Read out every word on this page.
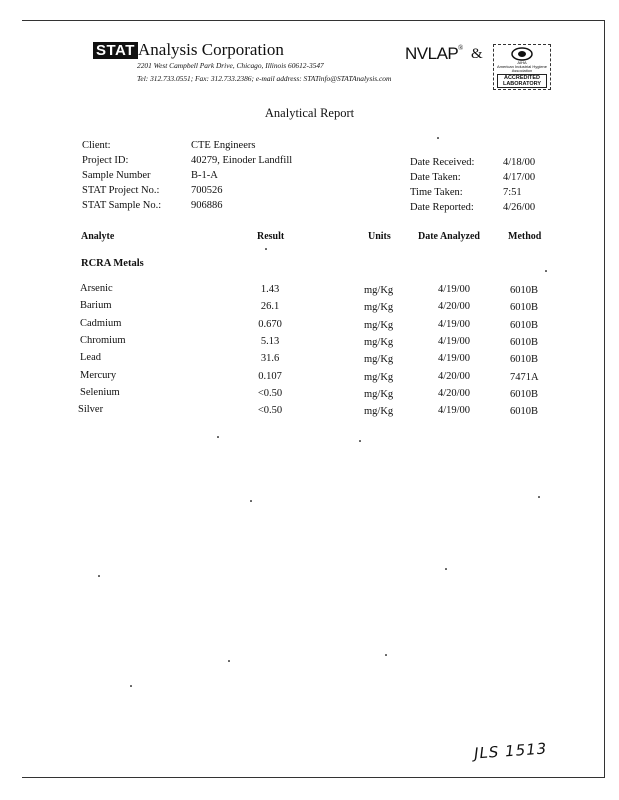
STAT Analysis Corporation
2201 West Campbell Park Drive, Chicago, Illinois 60612-3547
Tel: 312.733.0551; Fax: 312.733.2386; e-mail address: STATinfo@STATAnalysis.com
NVLAP ® &
AIHA
American Industrial Hygiene Association
ACCREDITED
LABORATORY
Analytical Report
Client:	CTE Engineers
Project ID:	40279, Einoder Landfill
Sample Number	B-1-A
STAT Project No.:	700526
STAT Sample No.:	906886
Date Received:	4/18/00
Date Taken:	4/17/00
Time Taken:	7:51
Date Reported:	4/26/00
Analyte	Result	Units	Date Analyzed	Method
RCRA Metals
Arsenic	1.43	mg/Kg	4/19/00	6010B
Barium	26.1	mg/Kg	4/20/00	6010B
Cadmium	0.670	mg/Kg	4/19/00	6010B
Chromium	5.13	mg/Kg	4/19/00	6010B
Lead	31.6	mg/Kg	4/19/00	6010B
Mercury	0.107	mg/Kg	4/20/00	7471A
Selenium	<0.50	mg/Kg	4/20/00	6010B
Silver	<0.50	mg/Kg	4/19/00	6010B
JLS 1513
